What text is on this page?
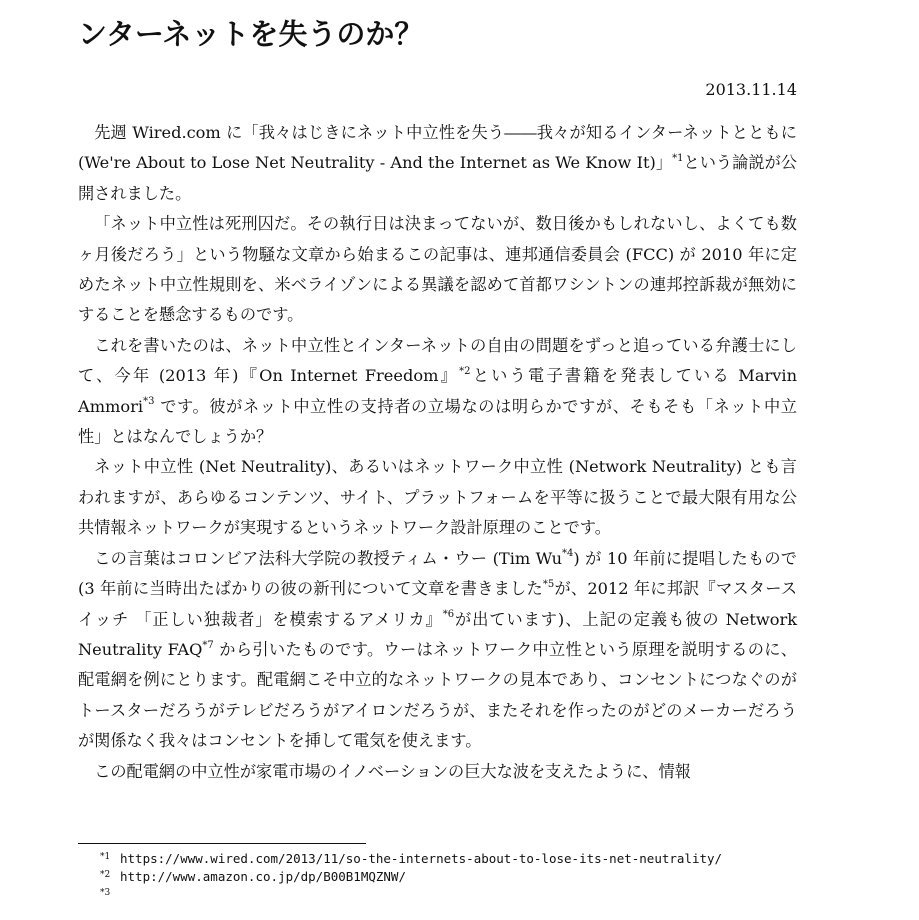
ンターネットを失うのか？
2013.11.14

先週 Wired.com に「我々はじきにネット中立性を失う――我々が知るインターネットとともに (We're About to Lose Net Neutrality - And the Internet as We Know It)」$^{*1}$という論説が公開されました。

「ネット中立性は死刑囚だ。その執行日は決まってないが、数日後かもしれないし、よくても数ヶ月後だろう」という物騒な文章から始まるこの記事は、連邦通信委員会 (FCC) が 2010 年に定めたネット中立性規則を、米ベライゾンによる異議を認めて首都ワシントンの連邦控訴裁が無効にすることを懸念するものです。

これを書いたのは、ネット中立性とインターネットの自由の問題をずっと追っている弁護士にして、今年 (2013 年)『On Internet Freedom』$^{*2}$という電子書籍を発表している Marvin Ammori$^{*3}$ です。彼がネット中立性の支持者の立場なのは明らかですが、そもそも「ネット中立性」とはなんでしょうか？

ネット中立性 (Net Neutrality)、あるいはネットワーク中立性 (Network Neutrality) とも言われますが、あらゆるコンテンツ、サイト、プラットフォームを平等に扱うことで最大限有用な公共情報ネットワークが実現するというネットワーク設計原理のことです。

この言葉はコロンビア法科大学院の教授ティム・ウー (Tim Wu$^{*4}$) が 10 年前に提唱したもので (3 年前に当時出たばかりの彼の新刊について文章を書きました$^{*5}$が、2012 年に邦訳『マスタースイッチ 「正しい独裁者」を模索するアメリカ』$^{*6}$が出ています)、上記の定義も彼の Network Neutrality FAQ$^{*7}$ から引いたものです。ウーはネットワーク中立性という原理を説明するのに、配電網を例にとります。配電網こそ中立的なネットワークの見本であり、コンセントにつなぐのがトースターだろうがテレビだろうがアイロンだろうが、またそれを作ったのがどのメーカーだろうが関係なく我々はコンセントを挿して電気を使えます。

この配電網の中立性が家電市場のイノベーションの巨大な波を支えたように、情報

*1 https://www.wired.com/2013/11/so-the-internets-about-to-lose-its-net-neutrality/
*2 http://www.amazon.co.jp/dp/B00B1MQZNW/
*3
